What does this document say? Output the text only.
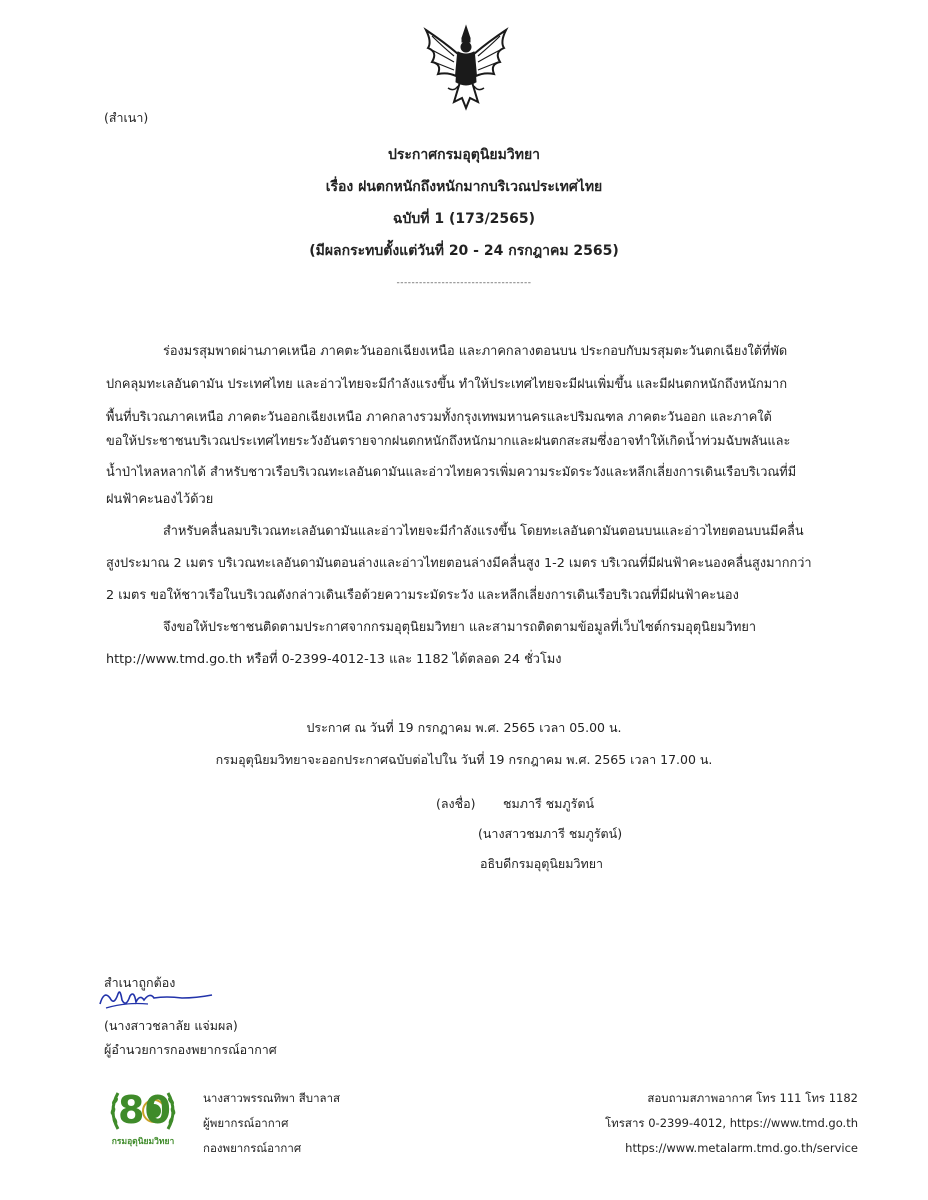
(สำเนา)
ประกาศกรมอุตุนิยมวิทยา
เรื่อง ฝนตกหนักถึงหนักมากบริเวณประเทศไทย
ฉบับที่ 1 (173/2565)
(มีผลกระทบตั้งแต่วันที่ 20 - 24 กรกฎาคม 2565)
------------------------------------
ร่องมรสุมพาดผ่านภาคเหนือ ภาคตะวันออกเฉียงเหนือ และภาคกลางตอนบน ประกอบกับมรสุมตะวันตกเฉียงใต้ที่พัด
ปกคลุมทะเลอันดามัน ประเทศไทย และอ่าวไทยจะมีกำลังแรงขึ้น ทำให้ประเทศไทยจะมีฝนเพิ่มขึ้น และมีฝนตกหนักถึงหนักมาก
พื้นที่บริเวณภาคเหนือ ภาคตะวันออกเฉียงเหนือ ภาคกลางรวมทั้งกรุงเทพมหานครและปริมณฑล ภาคตะวันออก และภาคใต้
ขอให้ประชาชนบริเวณประเทศไทยระวังอันตรายจากฝนตกหนักถึงหนักมากและฝนตกสะสมซึ่งอาจทำให้เกิดน้ำท่วมฉับพลันและ
น้ำป่าไหลหลากได้ สำหรับชาวเรือบริเวณทะเลอันดามันและอ่าวไทยควรเพิ่มความระมัดระวังและหลีกเลี่ยงการเดินเรือบริเวณที่มี
ฝนฟ้าคะนองไว้ด้วย
สำหรับคลื่นลมบริเวณทะเลอันดามันและอ่าวไทยจะมีกำลังแรงขึ้น โดยทะเลอันดามันตอนบนและอ่าวไทยตอนบนมีคลื่น
สูงประมาณ 2 เมตร บริเวณทะเลอันดามันตอนล่างและอ่าวไทยตอนล่างมีคลื่นสูง 1-2 เมตร บริเวณที่มีฝนฟ้าคะนองคลื่นสูงมากกว่า
2 เมตร ขอให้ชาวเรือในบริเวณดังกล่าวเดินเรือด้วยความระมัดระวัง และหลีกเลี่ยงการเดินเรือบริเวณที่มีฝนฟ้าคะนอง
จึงขอให้ประชาชนติดตามประกาศจากกรมอุตุนิยมวิทยา และสามารถติดตามข้อมูลที่เว็บไซต์กรมอุตุนิยมวิทยา
http://www.tmd.go.th หรือที่ 0-2399-4012-13 และ 1182 ได้ตลอด 24 ชั่วโมง
ประกาศ ณ วันที่ 19 กรกฎาคม พ.ศ. 2565 เวลา 05.00 น.
กรมอุตุนิยมวิทยาจะออกประกาศฉบับต่อไปใน วันที่ 19 กรกฎาคม พ.ศ. 2565 เวลา 17.00 น.
(ลงชื่อ) ชมภารี ชมภูรัตน์
(นางสาวชมภารี ชมภูรัตน์)
อธิบดีกรมอุตุนิยมวิทยา
สำเนาถูกต้อง
(นางสาวชลาลัย แจ่มผล)
ผู้อำนวยการกองพยากรณ์อากาศ
80
กรมอุตุนิยมวิทยา
นางสาวพรรณทิพา สีบาลาส
ผู้พยากรณ์อากาศ
กองพยากรณ์อากาศ
สอบถามสภาพอากาศ โทร 111 โทร 1182
โทรสาร 0-2399-4012, https://www.tmd.go.th
https://www.metalarm.tmd.go.th/service
